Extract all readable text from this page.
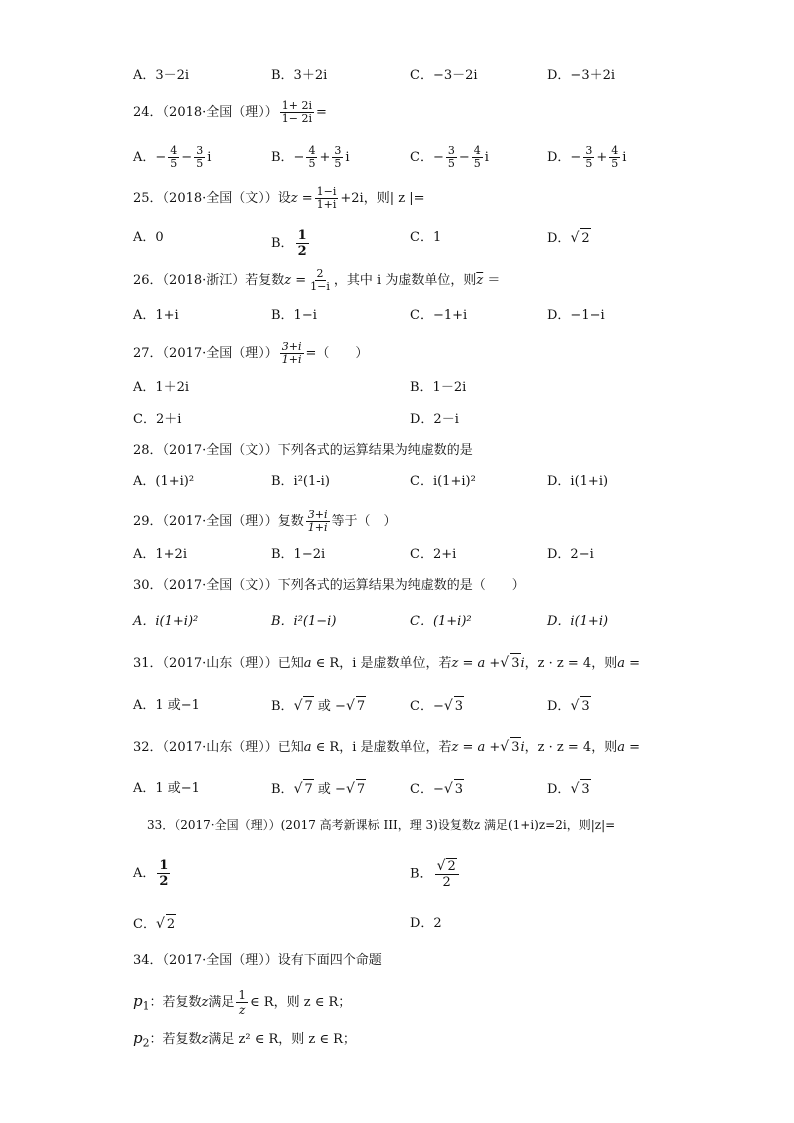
A．3－2i	B．3＋2i	C．−3－2i	D．−3＋2i
24．（2018·全国（理）） $\frac{1+ 2i}{1- 2i}$ =
A．− $\frac{4}{5} - \frac{3}{5}$ i	B．− $\frac{4}{5} + \frac{3}{5}$ i	C．− $\frac{3}{5} - \frac{4}{5}$ i	D．− $\frac{3}{5} + \frac{4}{5}$ i
25．（2018·全国（文））设$z = \frac{1-i}{1+i} +2i$，则| z |=
A．0	B． $\frac{1}{2}$	C．1	D．√ 2
26．（2018·浙江）若复数$z = \frac{2}{1-i}$ ，其中 i 为虚数单位，则$\overline{z}$ ＝
A．1+i	B．1−i	C．−1+i	D．−1−i
27．（2017·全国（理）） $\frac{3+i}{1+i}$ =（　　）
A．1＋2i	B．1－2i
C．2＋i	D．2－i
28．（2017·全国（文））下列各式的运算结果为纯虚数的是
A．(1+i)²	B．i²(1-i)	C．i(1+i)²	D．i(1+i)
29．（2017·全国（理））复数 $\frac{3+i}{1+i}$ 等于（　）
A．1+2i	B．1−2i	C．2+i	D．2−i
30．（2017·全国（文））下列各式的运算结果为纯虚数的是（　　）
A．i(1+i)²	B．i²(1−i)	C．(1+i)²	D．i(1+i)
31．（2017·山东（理））已知a ∈ R，i 是虚数单位，若z = a +√ 3i，z · z = 4，则a =
A．1 或−1	B．√ 7 或 −√ 7	C．−√ 3	D．√ 3
32．（2017·山东（理））已知a ∈ R，i 是虚数单位，若z = a +√ 3i，z · z = 4，则a =
A．1 或−1	B．√ 7 或 −√ 7	C．−√ 3	D．√ 3
33．（2017·全国（理））(2017 高考新课标 III，理 3)设复数z 满足(1+i)z=2i，则|z|=
A． $\frac{1}{2}$	B． $\frac{√ 2}{2}$
C．√ 2	D．2
34．（2017·全国（理））设有下面四个命题
$p_1$：若复数z满足 $\frac{1}{z}$ ∈ R，则 z ∈ R；
$p_2$：若复数z满足 z² ∈ R，则 z ∈ R；
